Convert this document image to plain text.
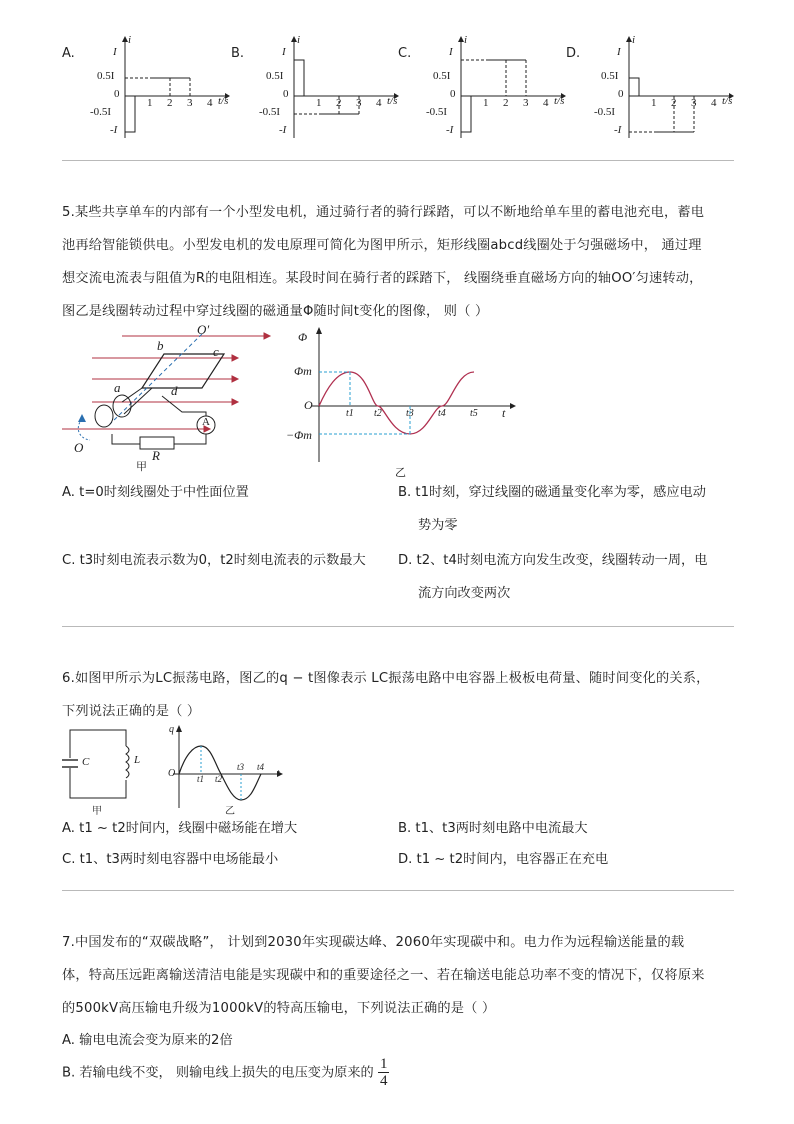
A.
i
I
0.5I
0
-0.5I
-I
1 2 3 4 t/s
B.
i
I
0.5I
0
-0.5I
-I
1 2 3 4 t/s
C.
i
I
0.5I
0
-0.5I
-I
1 2 3 4 t/s
D.
i
I
0.5I
0
-0.5I
-I
1 2 3 4 t/s
5.某些共享单车的内部有一个小型发电机，通过骑行者的骑行踩踏，可以不断地给单车里的蓄电池充电，蓄电
池再给智能锁供电。小型发电机的发电原理可简化为图甲所示，矩形线圈abcd线圈处于匀强磁场中， 通过理
想交流电流表与阻值为R的电阻相连。某段时间在骑行者的踩踏下， 线圈绕垂直磁场方向的轴OO′匀速转动，
图乙是线圈转动过程中穿过线圈的磁通量Φ随时间t变化的图像， 则（ ）
O′
b	c
a	d
A
R
O
甲
Φ
Φm
O
−Φm
t
t1 t2 t3 t4 t5
乙
A. t=0时刻线圈处于中性面位置	B. t1时刻，穿过线圈的磁通量变化率为零，感应电动
势为零
C. t3时刻电流表示数为0，t2时刻电流表的示数最大 D. t2、t4时刻电流方向发生改变，线圈转动一周，电
流方向改变两次
6.如图甲所示为LC振荡电路，图乙的q − t图像表示 LC振荡电路中电容器上极板电荷量、随时间变化的关系，
下列说法正确的是（ ）
C	L
甲
q
O t1 t2
t3 t4
t
乙
A. t1 ~ t2时间内，线圈中磁场能在增大	B. t1、t3两时刻电路中电流最大
C. t1、t3两时刻电容器中电场能最小	D. t1 ~ t2时间内，电容器正在充电
7.中国发布的“双碳战略”， 计划到2030年实现碳达峰、2060年实现碳中和。电力作为远程输送能量的载
体，特高压远距离输送清洁电能是实现碳中和的重要途径之一、若在输送电能总功率不变的情况下，仅将原来
的500kV高压输电升级为1000kV的特高压输电，下列说法正确的是（ ）
A. 输电电流会变为原来的2倍
B. 若输电线不变， 则输电线上损失的电压变为原来的 $\frac{1}{4}$
